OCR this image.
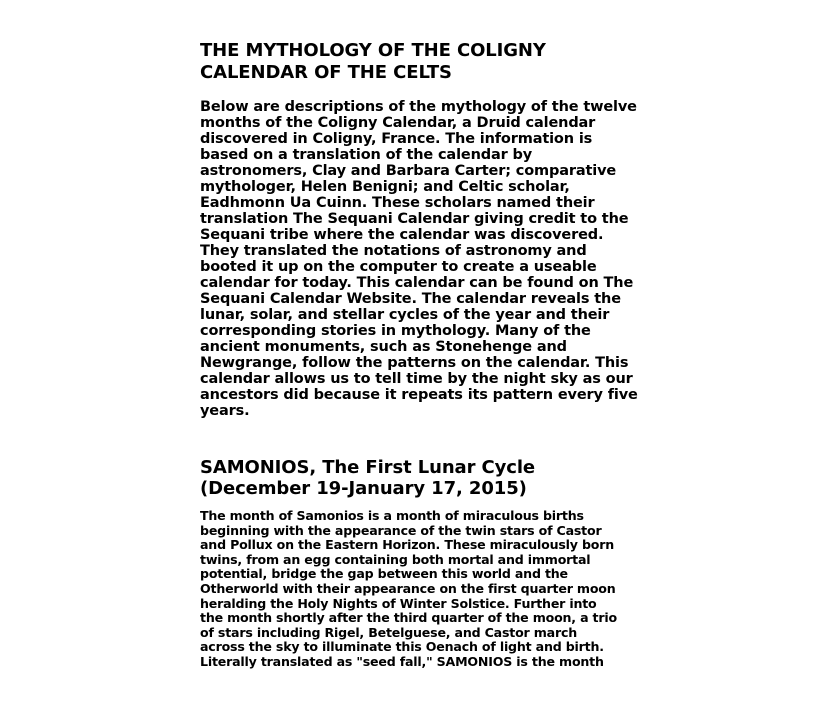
THE MYTHOLOGY OF THE COLIGNY
CALENDAR OF THE CELTS
Below are descriptions of the mythology of the twelve
months of the Coligny Calendar, a Druid calendar
discovered in Coligny, France. The information is
based on a translation of the calendar by
astronomers, Clay and Barbara Carter; comparative
mythologer, Helen Benigni; and Celtic scholar,
Eadhmonn Ua Cuinn. These scholars named their
translation The Sequani Calendar giving credit to the
Sequani tribe where the calendar was discovered.
They translated the notations of astronomy and
booted it up on the computer to create a useable
calendar for today. This calendar can be found on The
Sequani Calendar Website. The calendar reveals the
lunar, solar, and stellar cycles of the year and their
corresponding stories in mythology. Many of the
ancient monuments, such as Stonehenge and
Newgrange, follow the patterns on the calendar. This
calendar allows us to tell time by the night sky as our
ancestors did because it repeats its pattern every five
years.
SAMONIOS, The First Lunar Cycle
(December 19-January 17, 2015)
The month of Samonios is a month of miraculous births
beginning with the appearance of the twin stars of Castor
and Pollux on the Eastern Horizon. These miraculously born
twins, from an egg containing both mortal and immortal
potential, bridge the gap between this world and the
Otherworld with their appearance on the first quarter moon
heralding the Holy Nights of Winter Solstice. Further into
the month shortly after the third quarter of the moon, a trio
of stars including Rigel, Betelguese, and Castor march
across the sky to illuminate this Oenach of light and birth.
Literally translated as "seed fall," SAMONIOS is the month
